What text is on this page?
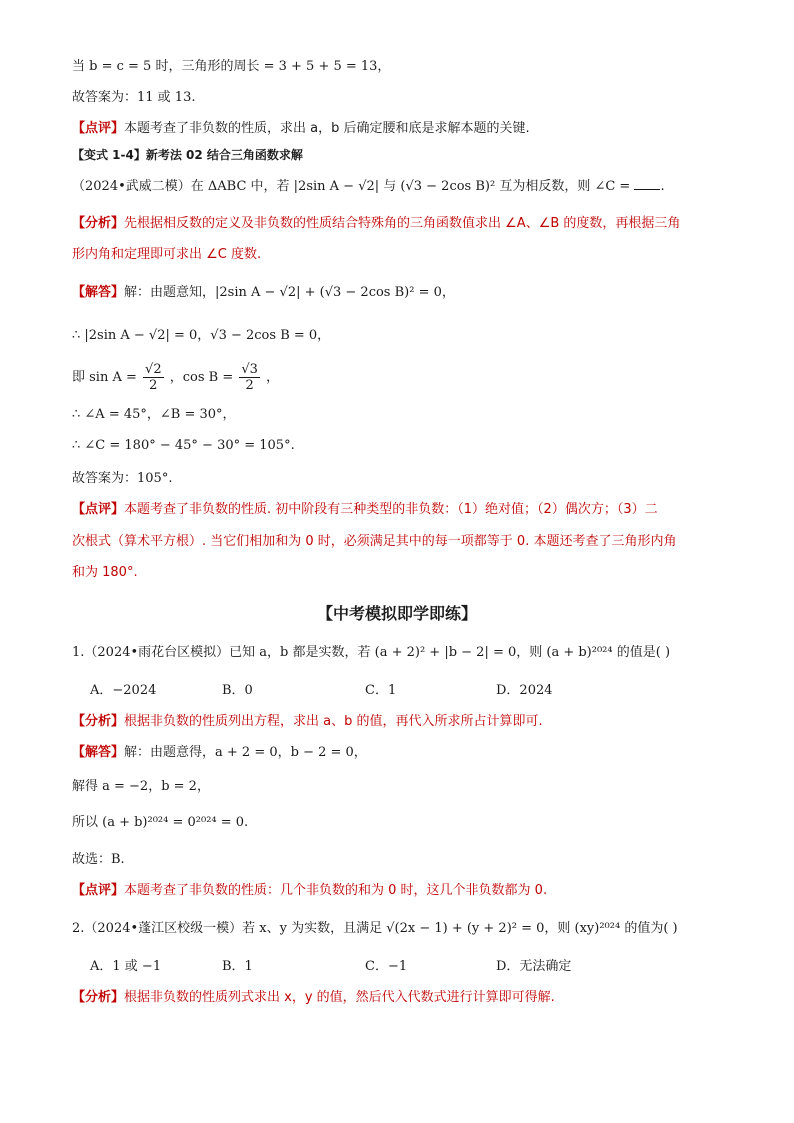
当 b = c = 5 时，三角形的周长 = 3 + 5 + 5 = 13，
故答案为：11 或 13.
【点评】本题考查了非负数的性质，求出 a，b 后确定腰和底是求解本题的关键.
【变式 1-4】新考法 02 结合三角函数求解
（2024•武威二模）在 ΔABC 中，若 |2sin A − √2| 与 (√3 − 2cos B)² 互为相反数，则 ∠C = .
【分析】先根据相反数的定义及非负数的性质结合特殊角的三角函数值求出 ∠A、∠B 的度数，再根据三角
形内角和定理即可求出 ∠C 度数.
【解答】解：由题意知，|2sin A − √2| + (√3 − 2cos B)² = 0，
∴ |2sin A − √2| = 0，√3 − 2cos B = 0，
即 $\sin A = \frac{√2}{2}$ ，$\cos B = \frac{√3}{2}$ ，
∴ ∠A = 45°，∠B = 30°，
∴ ∠C = 180° − 45° − 30° = 105°.
故答案为：105°.
【点评】本题考查了非负数的性质. 初中阶段有三种类型的非负数：（1）绝对值；（2）偶次方；（3）二
次根式（算术平方根）. 当它们相加和为 0 时，必须满足其中的每一项都等于 0. 本题还考查了三角形内角
和为 180°.
【中考模拟即学即练】
1.（2024•雨花台区模拟）已知 a，b 都是实数，若 (a + 2)² + |b − 2| = 0，则 (a + b)²⁰²⁴ 的值是( )
A．−2024	B．0	C．1	D．2024
【分析】根据非负数的性质列出方程，求出 a、b 的值，再代入所求所占计算即可.
【解答】解：由题意得，a + 2 = 0，b − 2 = 0，
解得 a = −2，b = 2，
所以 (a + b)²⁰²⁴ = 0²⁰²⁴ = 0.
故选：B.
【点评】本题考查了非负数的性质：几个非负数的和为 0 时，这几个非负数都为 0.
2.（2024•蓬江区校级一模）若 x、y 为实数，且满足 √(2x − 1) + (y + 2)² = 0，则 (xy)²⁰²⁴ 的值为( )
A．1 或 −1	B．1	C．−1	D．无法确定
【分析】根据非负数的性质列式求出 x，y 的值，然后代入代数式进行计算即可得解.
